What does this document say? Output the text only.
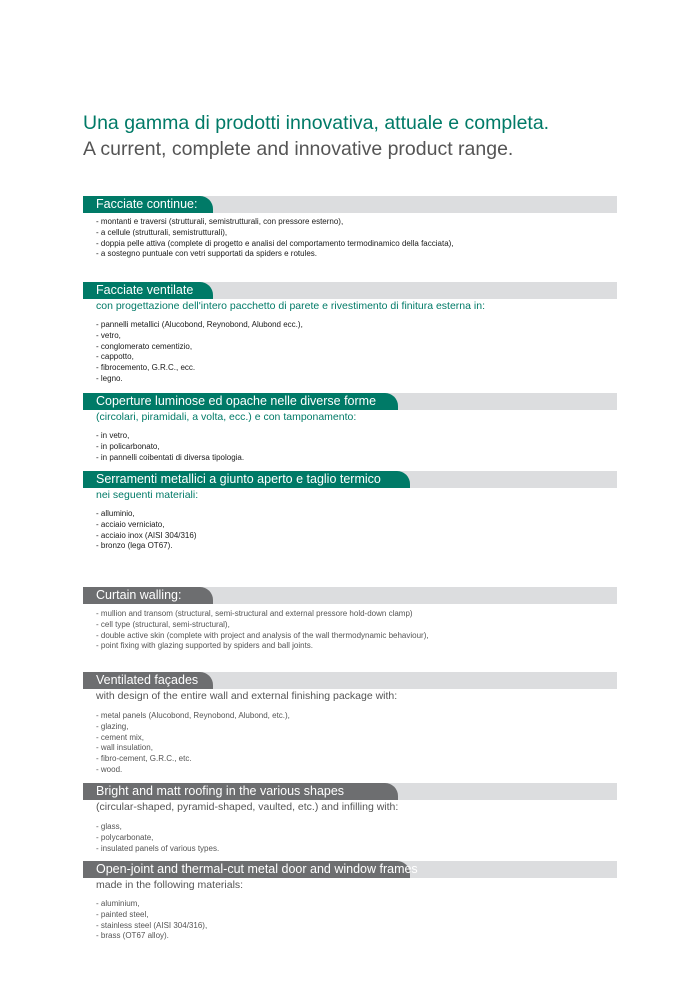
Una gamma di prodotti innovativa, attuale e completa.
A current, complete and innovative product range.
Facciate continue:
- montanti e traversi (strutturali, semistrutturali, con pressore esterno),
- a cellule (strutturali, semistrutturali),
- doppia pelle attiva (complete di progetto e analisi del comportamento termodinamico della facciata),
- a sostegno puntuale con vetri supportati da spiders e rotules.
Facciate ventilate
con progettazione dell'intero pacchetto di parete e rivestimento di finitura esterna in:
- pannelli metallici (Alucobond, Reynobond, Alubond ecc.),
- vetro,
- conglomerato cementizio,
- cappotto,
- fibrocemento, G.R.C., ecc.
- legno.
Coperture luminose ed opache nelle diverse forme
(circolari, piramidali, a volta, ecc.) e con tamponamento:
- in vetro,
- in policarbonato,
- in pannelli coibentati di diversa tipologia.
Serramenti metallici a giunto aperto e taglio termico
nei seguenti materiali:
- alluminio,
- acciaio verniciato,
- acciaio inox (AISI 304/316)
- bronzo (lega OT67).
Curtain walling:
- mullion and transom (structural, semi-structural and external pressore hold-down clamp)
- cell type (structural, semi-structural),
- double active skin (complete with project and analysis of the wall thermodynamic behaviour),
- point fixing with glazing supported by spiders and ball joints.
Ventilated façades
with design of the entire wall and external finishing package with:
- metal panels (Alucobond, Reynobond, Alubond, etc.),
- glazing,
- cement mix,
- wall insulation,
- fibro-cement, G.R.C., etc.
- wood.
Bright and matt roofing in the various shapes
(circular-shaped, pyramid-shaped, vaulted, etc.) and infilling with:
- glass,
- polycarbonate,
- insulated panels of various types.
Open-joint and thermal-cut metal door and window frames
made in the following materials:
- aluminium,
- painted steel,
- stainless steel (AISI 304/316),
- brass (OT67 alloy).
